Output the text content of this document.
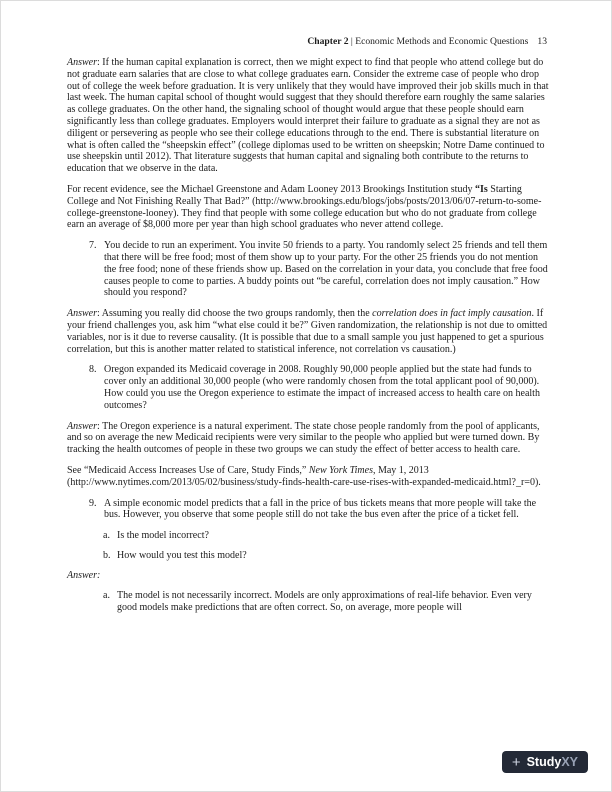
Chapter 2 | Economic Methods and Economic Questions 13

Answer: If the human capital explanation is correct, then we might expect to find that people who attend college but do not graduate earn salaries that are close to what college graduates earn. Consider the extreme case of people who drop out of college the week before graduation. It is very unlikely that they would have improved their job skills much in that last week. The human capital school of thought would suggest that they should therefore earn roughly the same salaries as college graduates. On the other hand, the signaling school of thought would argue that these people should earn significantly less than college graduates. Employers would interpret their failure to graduate as a signal they are not as diligent or persevering as people who see their college educations through to the end. There is substantial literature on what is often called the “sheepskin effect” (college diplomas used to be written on sheepskin; Notre Dame continued to use sheepskin until 2012). That literature suggests that human capital and signaling both contribute to the returns to education that we observe in the data.

For recent evidence, see the Michael Greenstone and Adam Looney 2013 Brookings Institution study “Is Starting College and Not Finishing Really That Bad?” (http://www.brookings.edu/blogs/jobs/posts/2013/06/07-return-to-some-college-greenstone-looney). They find that people with some college education but who do not graduate from college earn an average of $8,000 more per year than high school graduates who never attend college.

7. You decide to run an experiment. You invite 50 friends to a party. You randomly select 25 friends and tell them that there will be free food; most of them show up to your party. For the other 25 friends you do not mention the free food; none of these friends show up. Based on the correlation in your data, you conclude that free food causes people to come to parties. A buddy points out “be careful, correlation does not imply causation.” How should you respond?

Answer: Assuming you really did choose the two groups randomly, then the correlation does in fact imply causation. If your friend challenges you, ask him “what else could it be?” Given randomization, the relationship is not due to omitted variables, nor is it due to reverse causality. (It is possible that due to a small sample you just happened to get a spurious correlation, but this is another matter related to statistical inference, not correlation vs causation.)

8. Oregon expanded its Medicaid coverage in 2008. Roughly 90,000 people applied but the state had funds to cover only an additional 30,000 people (who were randomly chosen from the total applicant pool of 90,000). How could you use the Oregon experience to estimate the impact of increased access to health care on health outcomes?

Answer: The Oregon experience is a natural experiment. The state chose people randomly from the pool of applicants, and so on average the new Medicaid recipients were very similar to the people who applied but were turned down. By tracking the health outcomes of people in these two groups we can study the effect of better access to health care.

See “Medicaid Access Increases Use of Care, Study Finds,” New York Times, May 1, 2013 (http://www.nytimes.com/2013/05/02/business/study-finds-health-care-use-rises-with-expanded-medicaid.html?_r=0).

9. A simple economic model predicts that a fall in the price of bus tickets means that more people will take the bus. However, you observe that some people still do not take the bus even after the price of a ticket fell.
a. Is the model incorrect?
b. How would you test this model?

Answer:

a. The model is not necessarily incorrect. Models are only approximations of real-life behavior. Even very good models make predictions that are often correct. So, on average, more people will
+ Study XY
